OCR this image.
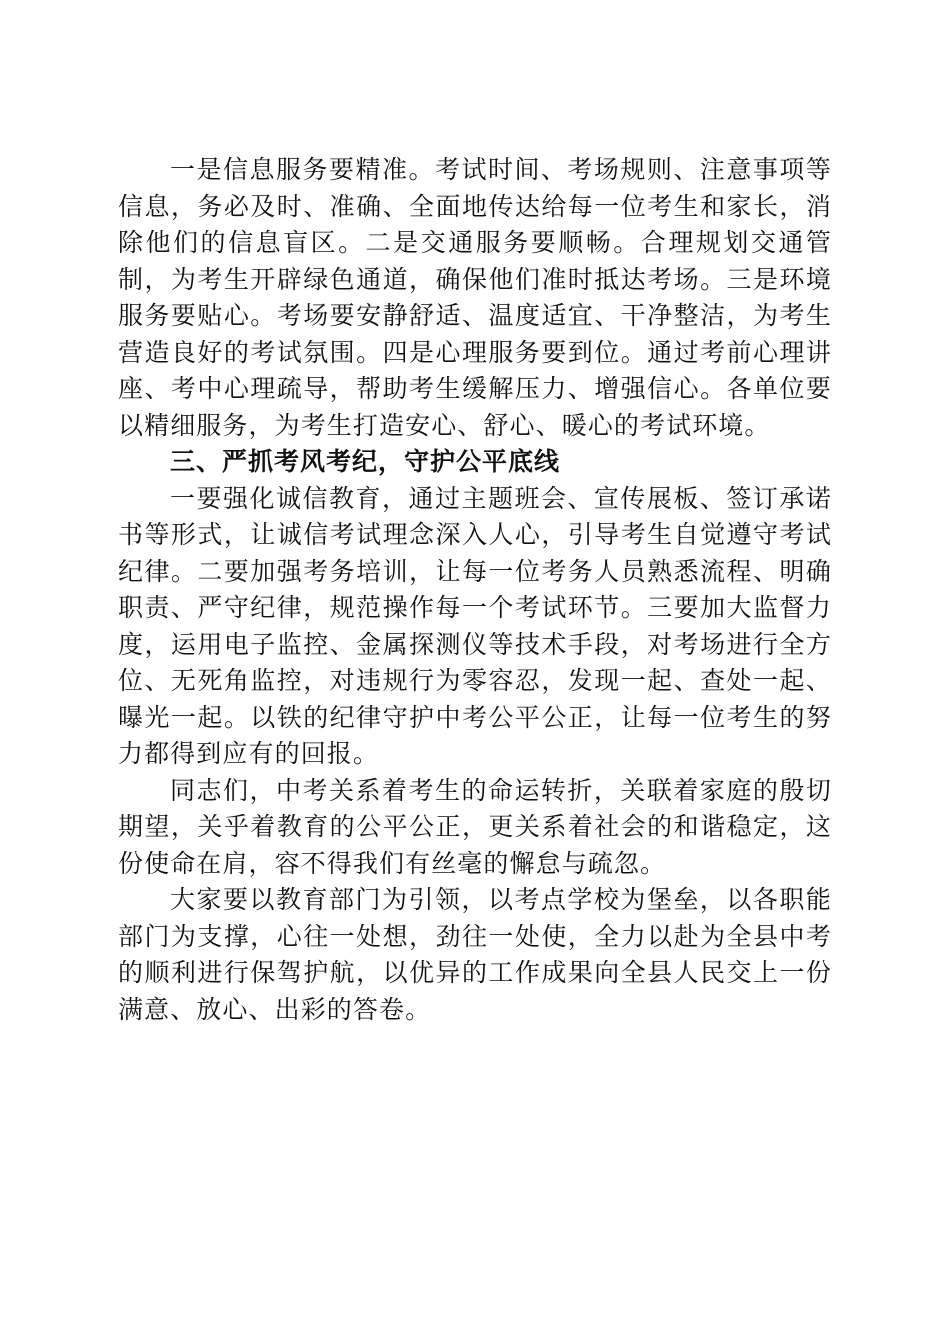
一是信息服务要精准。考试时间、考场规则、注意事项等信息，务必及时、准确、全面地传达给每一位考生和家长，消除他们的信息盲区。二是交通服务要顺畅。合理规划交通管制，为考生开辟绿色通道，确保他们准时抵达考场。三是环境服务要贴心。考场要安静舒适、温度适宜、干净整洁，为考生营造良好的考试氛围。四是心理服务要到位。通过考前心理讲座、考中心理疏导，帮助考生缓解压力、增强信心。各单位要以精细服务，为考生打造安心、舒心、暖心的考试环境。

三、严抓考风考纪，守护公平底线

一要强化诚信教育，通过主题班会、宣传展板、签订承诺书等形式，让诚信考试理念深入人心，引导考生自觉遵守考试纪律。二要加强考务培训，让每一位考务人员熟悉流程、明确职责、严守纪律，规范操作每一个考试环节。三要加大监督力度，运用电子监控、金属探测仪等技术手段，对考场进行全方位、无死角监控，对违规行为零容忍，发现一起、查处一起、曝光一起。以铁的纪律守护中考公平公正，让每一位考生的努力都得到应有的回报。

同志们，中考关系着考生的命运转折，关联着家庭的殷切期望，关乎着教育的公平公正，更关系着社会的和谐稳定，这份使命在肩，容不得我们有丝毫的懈怠与疏忽。

大家要以教育部门为引领，以考点学校为堡垒，以各职能部门为支撑，心往一处想，劲往一处使，全力以赴为全县中考的顺利进行保驾护航，以优异的工作成果向全县人民交上一份满意、放心、出彩的答卷。
